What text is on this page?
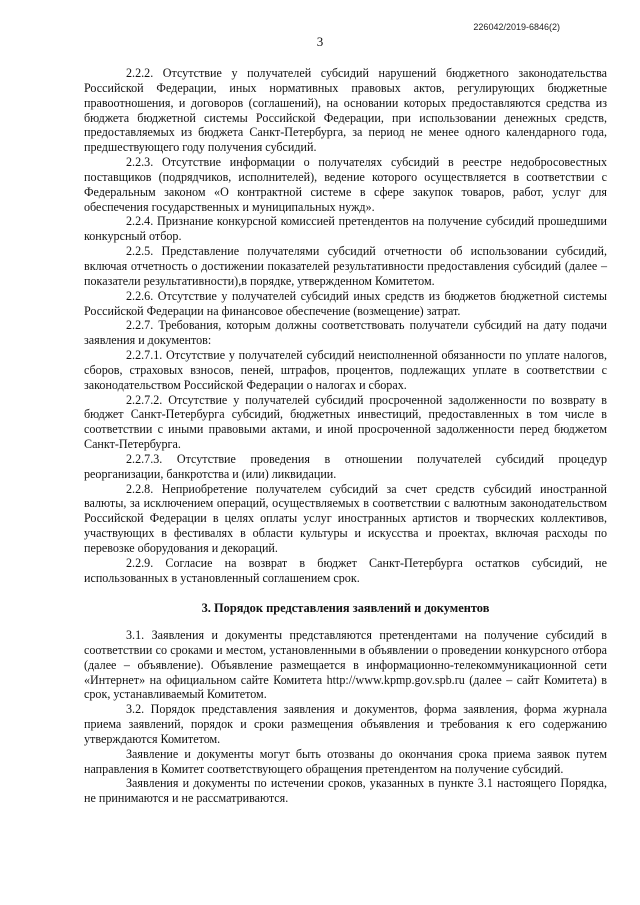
226042/2019-6846(2)
3

2.2.2. Отсутствие у получателей субсидий нарушений бюджетного законодательства Российской Федерации, иных нормативных правовых актов, регулирующих бюджетные правоотношения, и договоров (соглашений), на основании которых предоставляются средства из бюджета бюджетной системы Российской Федерации, при использовании денежных средств, предоставляемых из бюджета Санкт-Петербурга, за период не менее одного календарного года, предшествующего году получения субсидий.

2.2.3. Отсутствие информации о получателях субсидий в реестре недобросовестных поставщиков (подрядчиков, исполнителей), ведение которого осуществляется в соответствии с Федеральным законом «О контрактной системе в сфере закупок товаров, работ, услуг для обеспечения государственных и муниципальных нужд».

2.2.4. Признание конкурсной комиссией претендентов на получение субсидий прошедшими конкурсный отбор.

2.2.5. Представление получателями субсидий отчетности об использовании субсидий, включая отчетность о достижении показателей результативности предоставления субсидий (далее – показатели результативности),в порядке, утвержденном Комитетом.

2.2.6. Отсутствие у получателей субсидий иных средств из бюджетов бюджетной системы Российской Федерации на финансовое обеспечение (возмещение) затрат.

2.2.7. Требования, которым должны соответствовать получатели субсидий на дату подачи заявления и документов:

2.2.7.1. Отсутствие у получателей субсидий неисполненной обязанности по уплате налогов, сборов, страховых взносов, пеней, штрафов, процентов, подлежащих уплате в соответствии с законодательством Российской Федерации о налогах и сборах.

2.2.7.2. Отсутствие у получателей субсидий просроченной задолженности по возврату в бюджет Санкт-Петербурга субсидий, бюджетных инвестиций, предоставленных в том числе в соответствии с иными правовыми актами, и иной просроченной задолженности перед бюджетом Санкт-Петербурга.

2.2.7.3. Отсутствие проведения в отношении получателей субсидий процедур реорганизации, банкротства и (или) ликвидации.

2.2.8. Неприобретение получателем субсидий за счет средств субсидий иностранной валюты, за исключением операций, осуществляемых в соответствии с валютным законодательством Российской Федерации в целях оплаты услуг иностранных артистов и творческих коллективов, участвующих в фестивалях в области культуры и искусства и проектах, включая расходы по перевозке оборудования и декораций.

2.2.9. Согласие на возврат в бюджет Санкт-Петербурга остатков субсидий, не использованных в установленный соглашением срок.

3. Порядок представления заявлений и документов

3.1. Заявления и документы представляются претендентами на получение субсидий в соответствии со сроками и местом, установленными в объявлении о проведении конкурсного отбора (далее – объявление). Объявление размещается в информационно-телекоммуникационной сети «Интернет» на официальном сайте Комитета http://www.kpmp.gov.spb.ru (далее – сайт Комитета) в срок, устанавливаемый Комитетом.

3.2. Порядок представления заявления и документов, форма заявления, форма журнала приема заявлений, порядок и сроки размещения объявления и требования к его содержанию утверждаются Комитетом.

Заявление и документы могут быть отозваны до окончания срока приема заявок путем направления в Комитет соответствующего обращения претендентом на получение субсидий.

Заявления и документы по истечении сроков, указанных в пункте 3.1 настоящего Порядка, не принимаются и не рассматриваются.
